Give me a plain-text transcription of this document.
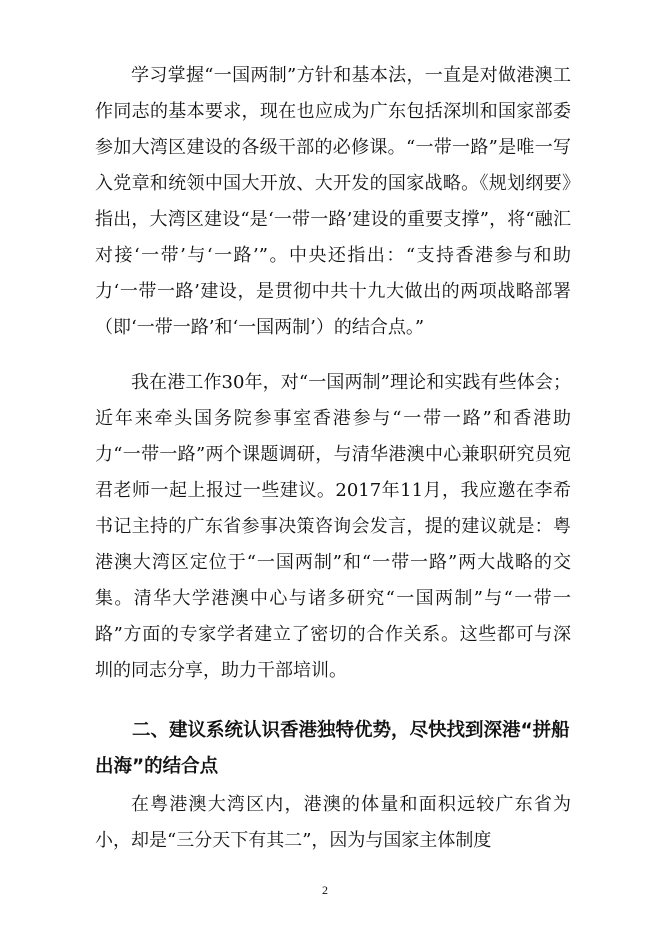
学习掌握“一国两制”方针和基本法，一直是对做港澳工作同志的基本要求，现在也应成为广东包括深圳和国家部委参加大湾区建设的各级干部的必修课。“一带一路”是唯一写入党章和统领中国大开放、大开发的国家战略。《规划纲要》指出，大湾区建设“是‘一带一路’建设的重要支撑”，将“融汇对接‘一带’与‘一路’”。中央还指出：“支持香港参与和助力‘一带一路’建设，是贯彻中共十九大做出的两项战略部署（即‘一带一路’和‘一国两制’）的结合点。”

我在港工作30年，对“一国两制”理论和实践有些体会；近年来牵头国务院参事室香港参与“一带一路”和香港助力“一带一路”两个课题调研，与清华港澳中心兼职研究员宛君老师一起上报过一些建议。2017年11月，我应邀在李希书记主持的广东省参事决策咨询会发言，提的建议就是：粤港澳大湾区定位于“一国两制”和“一带一路”两大战略的交集。清华大学港澳中心与诸多研究“一国两制”与“一带一路”方面的专家学者建立了密切的合作关系。这些都可与深圳的同志分享，助力干部培训。

二、建议系统认识香港独特优势，尽快找到深港“拼船出海”的结合点

在粤港澳大湾区内，港澳的体量和面积远较广东省为小，却是“三分天下有其二”，因为与国家主体制度

2
